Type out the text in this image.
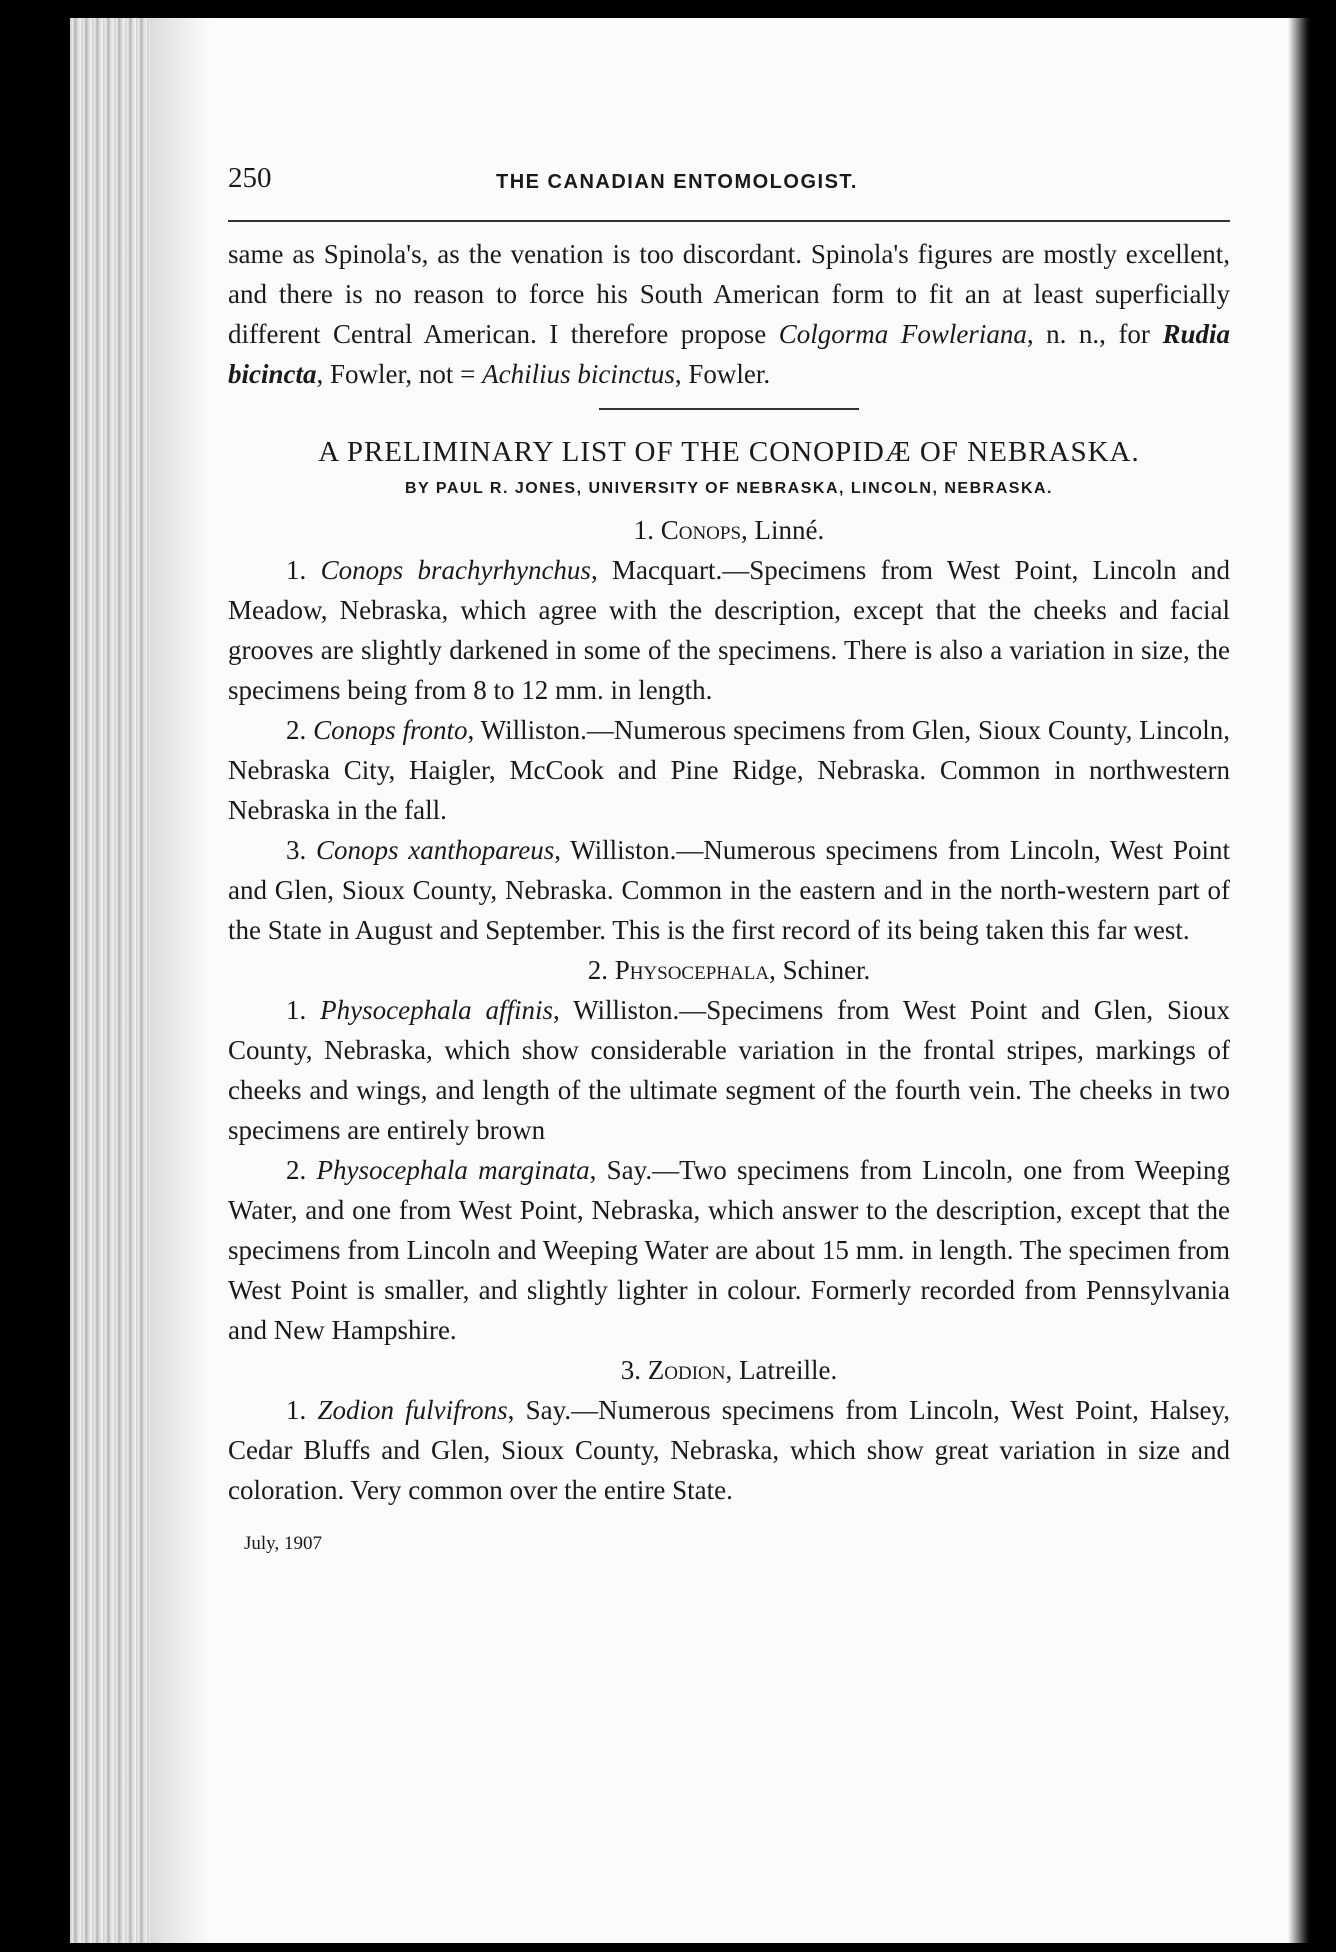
250	THE CANADIAN ENTOMOLOGIST.

same as Spinola's, as the venation is too discordant. Spinola's figures are mostly excellent, and there is no reason to force his South American form to fit an at least superficially different Central American. I therefore propose Colgorma Fowleriana, n. n., for Rudia bicincta, Fowler, not = Achilius bicinctus, Fowler.

A PRELIMINARY LIST OF THE CONOPIDÆ OF NEBRASKA.
BY PAUL R. JONES, UNIVERSITY OF NEBRASKA, LINCOLN, NEBRASKA.
1. Conops, Linné.

1. Conops brachyrhynchus, Macquart.—Specimens from West Point, Lincoln and Meadow, Nebraska, which agree with the description, except that the cheeks and facial grooves are slightly darkened in some of the specimens. There is also a variation in size, the specimens being from 8 to 12 mm. in length.

2. Conops fronto, Williston.—Numerous specimens from Glen, Sioux County, Lincoln, Nebraska City, Haigler, McCook and Pine Ridge, Nebraska. Common in northwestern Nebraska in the fall.

3. Conops xanthopareus, Williston.—Numerous specimens from Lincoln, West Point and Glen, Sioux County, Nebraska. Common in the eastern and in the north-western part of the State in August and September. This is the first record of its being taken this far west.

2. Physocephala, Schiner.

1. Physocephala affinis, Williston.—Specimens from West Point and Glen, Sioux County, Nebraska, which show considerable variation in the frontal stripes, markings of cheeks and wings, and length of the ultimate segment of the fourth vein. The cheeks in two specimens are entirely brown

2. Physocephala marginata, Say.—Two specimens from Lincoln, one from Weeping Water, and one from West Point, Nebraska, which answer to the description, except that the specimens from Lincoln and Weeping Water are about 15 mm. in length. The specimen from West Point is smaller, and slightly lighter in colour. Formerly recorded from Pennsylvania and New Hampshire.

3. Zodion, Latreille.

1. Zodion fulvifrons, Say.—Numerous specimens from Lincoln, West Point, Halsey, Cedar Bluffs and Glen, Sioux County, Nebraska, which show great variation in size and coloration. Very common over the entire State.

July, 1907
